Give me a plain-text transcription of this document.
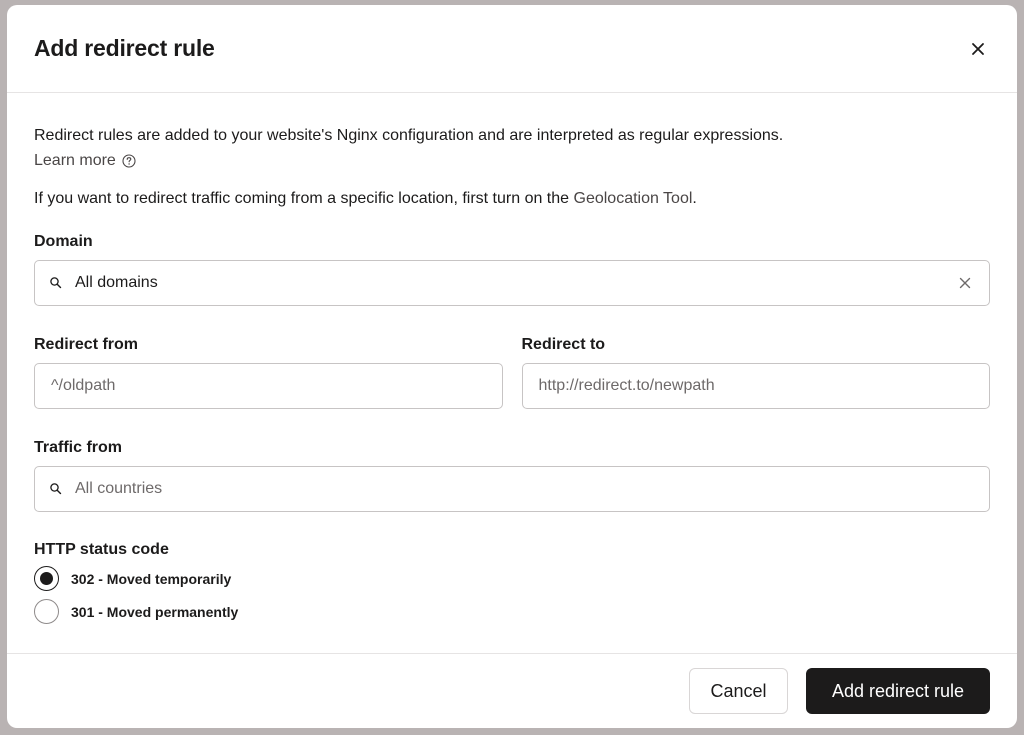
Add redirect rule
Redirect rules are added to your website's Nginx configuration and are interpreted as regular expressions.
Learn more
If you want to redirect traffic coming from a specific location, first turn on the Geolocation Tool.
Domain
All domains
Redirect from
^/oldpath
Redirect to
http://redirect.to/newpath
Traffic from
All countries
HTTP status code
302 - Moved temporarily
301 - Moved permanently
Cancel	Add redirect rule
